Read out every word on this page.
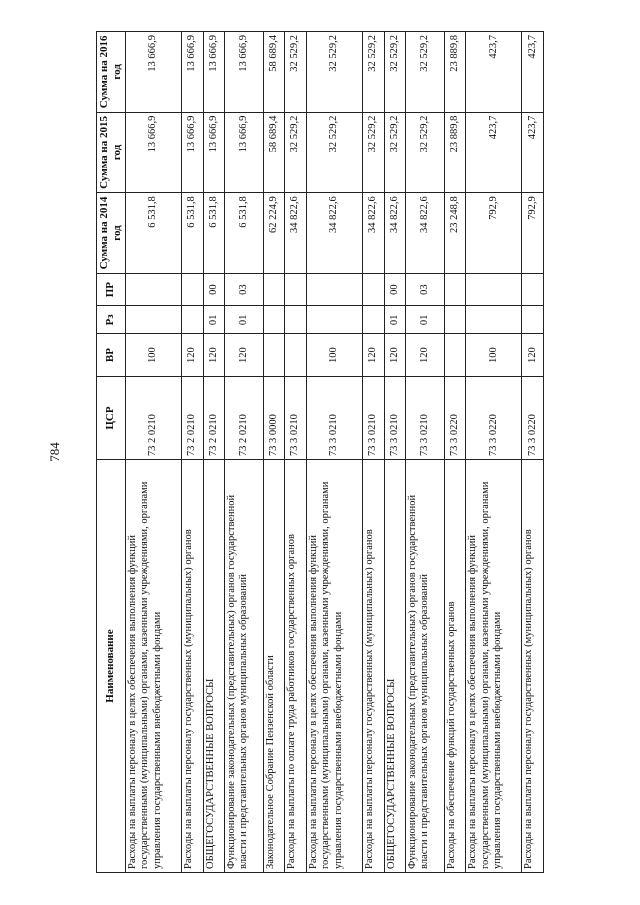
784
Наименование	ЦСР	ВР	Рз	ПР	Сумма на 2014 год	Сумма на 2015 год	Сумма на 2016 год
Расходы на выплаты персоналу в целях обеспечения выполнения функций государственными (муниципальными) органами, казенными учреждениями, органами управления государственными внебюджетными фондами	73 2 0210	100			6 531,8	13 666,9	13 666,9
Расходы на выплаты персоналу государственных (муниципальных) органов	73 2 0210	120			6 531,8	13 666,9	13 666,9
ОБЩЕГОСУДАРСТВЕННЫЕ ВОПРОСЫ	73 2 0210	120	01	00	6 531,8	13 666,9	13 666,9
Функционирование законодательных (представительных) органов государственной власти и представительных органов муниципальных образований	73 2 0210	120	01	03	6 531,8	13 666,9	13 666,9
Законодательное Собрание Пензенской области	73 3 0000				62 224,9	58 689,4	58 689,4
Расходы на выплаты по оплате труда работников государственных органов	73 3 0210				34 822,6	32 529,2	32 529,2
Расходы на выплаты персоналу в целях обеспечения выполнения функций государственными (муниципальными) органами, казенными учреждениями, органами управления государственными внебюджетными фондами	73 3 0210	100			34 822,6	32 529,2	32 529,2
Расходы на выплаты персоналу государственных (муниципальных) органов	73 3 0210	120			34 822,6	32 529,2	32 529,2
ОБЩЕГОСУДАРСТВЕННЫЕ ВОПРОСЫ	73 3 0210	120	01	00	34 822,6	32 529,2	32 529,2
Функционирование законодательных (представительных) органов государственной власти и представительных органов муниципальных образований	73 3 0210	120	01	03	34 822,6	32 529,2	32 529,2
Расходы на обеспечение функций государственных органов	73 3 0220				23 248,8	23 889,8	23 889,8
Расходы на выплаты персоналу в целях обеспечения выполнения функций государственными (муниципальными) органами, казенными учреждениями, органами управления государственными внебюджетными фондами	73 3 0220	100			792,9	423,7	423,7
Расходы на выплаты персоналу государственных (муниципальных) органов	73 3 0220	120			792,9	423,7	423,7
